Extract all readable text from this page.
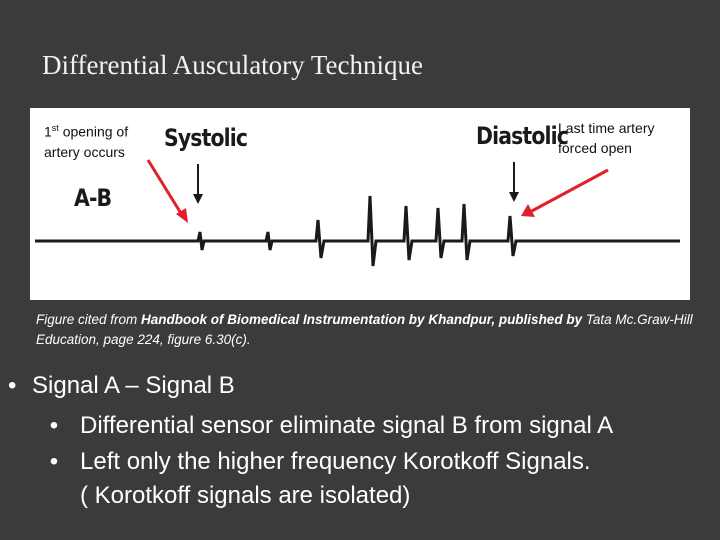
Differential Ausculatory Technique
Systolic	Diastolic
A-B
1st opening of artery occurs
Last time artery forced open
Figure cited from Handbook of Biomedical Instrumentation by Khandpur, published by Tata Mc.Graw-Hill Education, page 224, figure 6.30(c).
• Signal A – Signal B
• Differential sensor eliminate signal B from signal A
• Left only the higher frequency Korotkoff Signals.
( Korotkoff signals are isolated)
